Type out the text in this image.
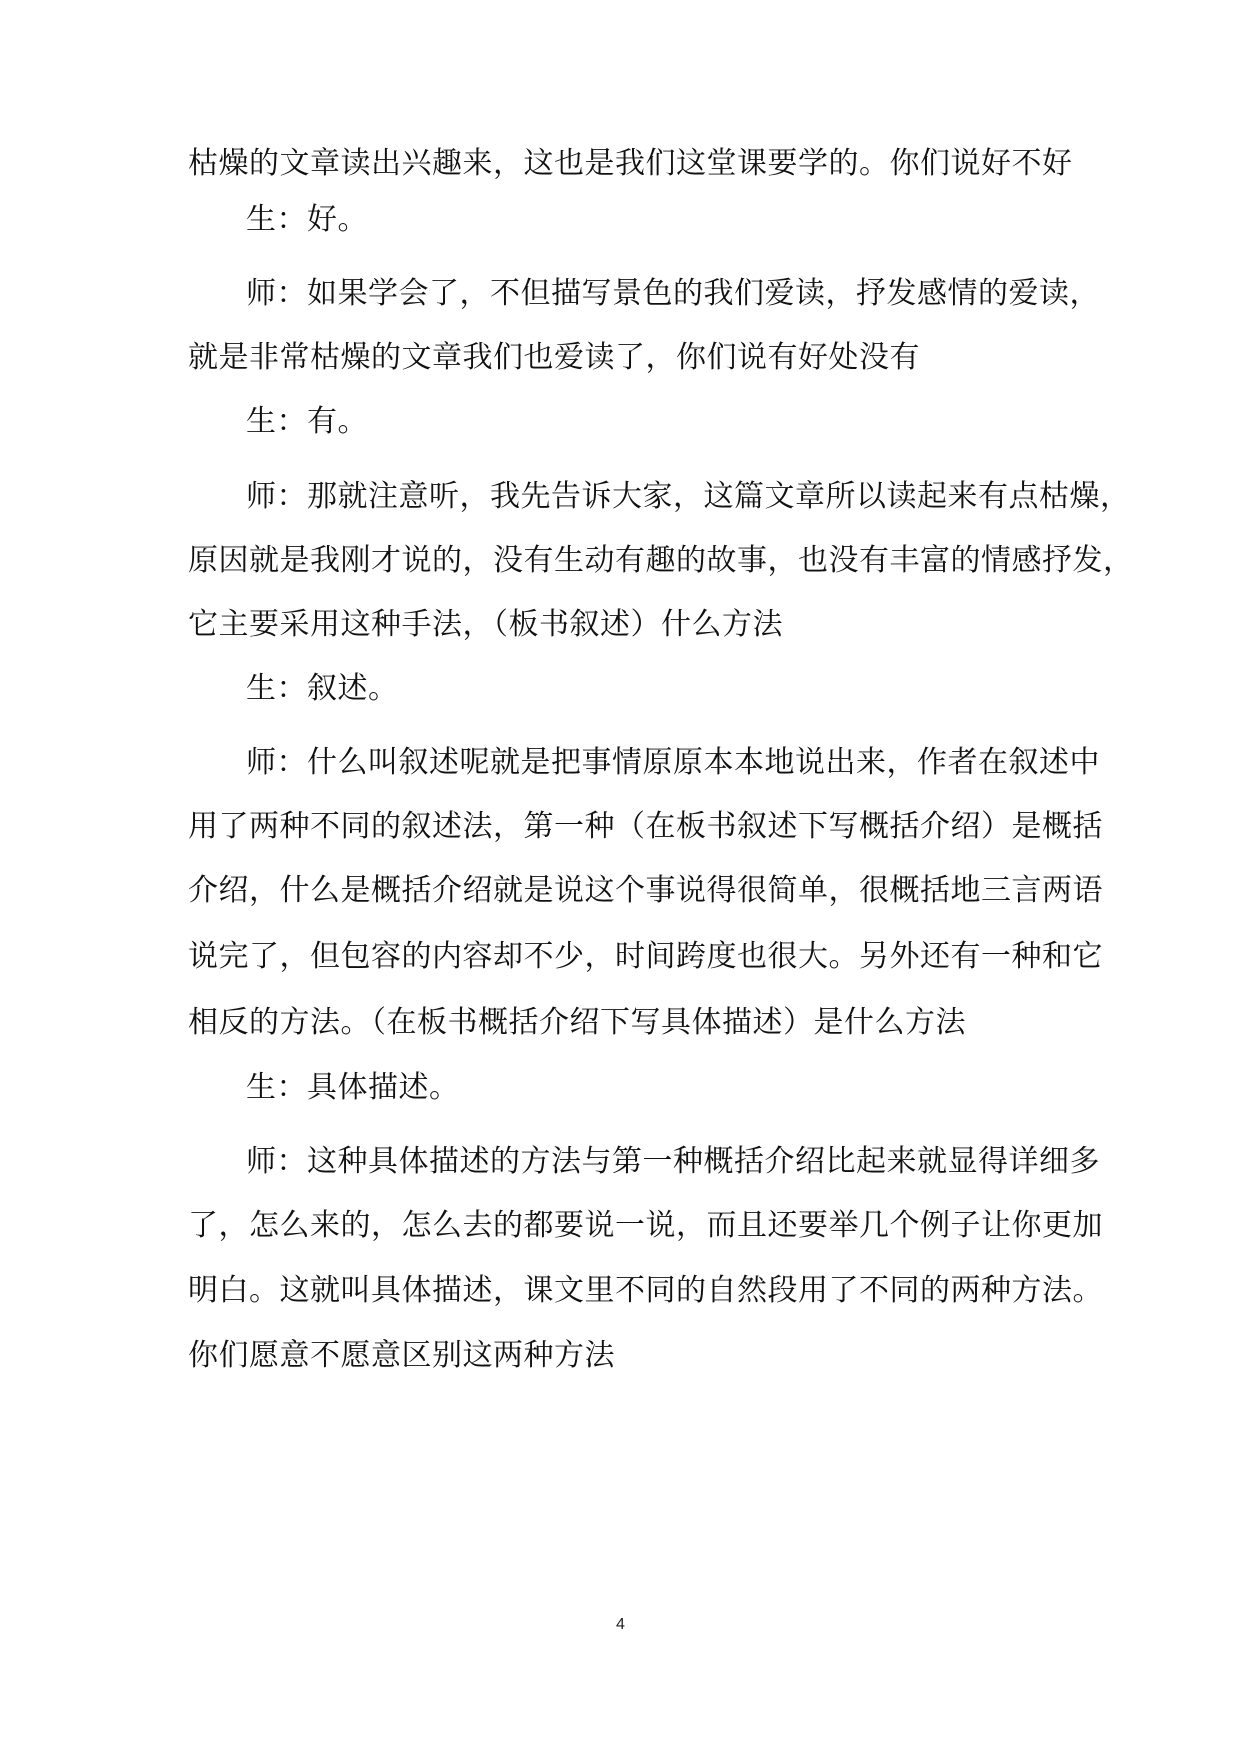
枯燥的文章读出兴趣来，这也是我们这堂课要学的。你们说好不好
生：好。
师：如果学会了，不但描写景色的我们爱读，抒发感情的爱读，
就是非常枯燥的文章我们也爱读了，你们说有好处没有
生：有。
师：那就注意听，我先告诉大家，这篇文章所以读起来有点枯燥，
原因就是我刚才说的，没有生动有趣的故事，也没有丰富的情感抒发，
它主要采用这种手法，（板书叙述）什么方法
生：叙述。
师：什么叫叙述呢就是把事情原原本本地说出来，作者在叙述中
用了两种不同的叙述法，第一种（在板书叙述下写概括介绍）是概括
介绍，什么是概括介绍就是说这个事说得很简单，很概括地三言两语
说完了，但包容的内容却不少，时间跨度也很大。另外还有一种和它
相反的方法。（在板书概括介绍下写具体描述）是什么方法
生：具体描述。
师：这种具体描述的方法与第一种概括介绍比起来就显得详细多
了，怎么来的，怎么去的都要说一说，而且还要举几个例子让你更加
明白。这就叫具体描述，课文里不同的自然段用了不同的两种方法。
你们愿意不愿意区别这两种方法
4
